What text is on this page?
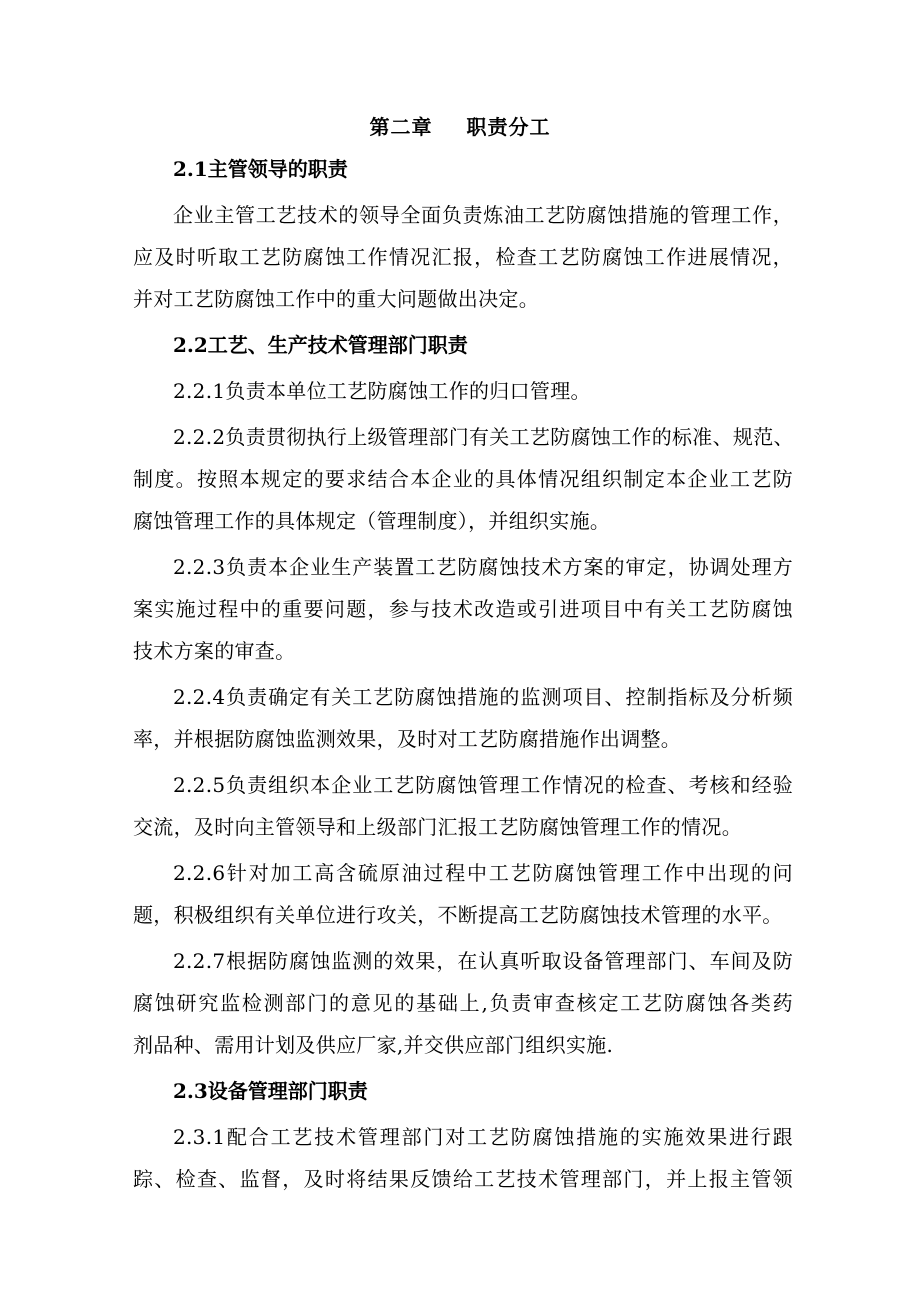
第二章 职责分工
2.1主管领导的职责
企业主管工艺技术的领导全面负责炼油工艺防腐蚀措施的管理工作，
应及时听取工艺防腐蚀工作情况汇报，检查工艺防腐蚀工作进展情况，
并对工艺防腐蚀工作中的重大问题做出决定。
2.2工艺、生产技术管理部门职责
2.2.1负责本单位工艺防腐蚀工作的归口管理。
2.2.2负责贯彻执行上级管理部门有关工艺防腐蚀工作的标准、规范、
制度。按照本规定的要求结合本企业的具体情况组织制定本企业工艺防
腐蚀管理工作的具体规定（管理制度），并组织实施。
2.2.3负责本企业生产装置工艺防腐蚀技术方案的审定，协调处理方
案实施过程中的重要问题，参与技术改造或引进项目中有关工艺防腐蚀
技术方案的审查。
2.2.4负责确定有关工艺防腐蚀措施的监测项目、控制指标及分析频
率，并根据防腐蚀监测效果，及时对工艺防腐措施作出调整。
2.2.5负责组织本企业工艺防腐蚀管理工作情况的检查、考核和经验
交流，及时向主管领导和上级部门汇报工艺防腐蚀管理工作的情况。
2.2.6针对加工高含硫原油过程中工艺防腐蚀管理工作中出现的问
题，积极组织有关单位进行攻关，不断提高工艺防腐蚀技术管理的水平。
2.2.7根据防腐蚀监测的效果，在认真听取设备管理部门、车间及防
腐蚀研究监检测部门的意见的基础上,负责审查核定工艺防腐蚀各类药
剂品种、需用计划及供应厂家,并交供应部门组织实施.
2.3设备管理部门职责
2.3.1配合工艺技术管理部门对工艺防腐蚀措施的实施效果进行跟
踪、检查、监督，及时将结果反馈给工艺技术管理部门，并上报主管领
